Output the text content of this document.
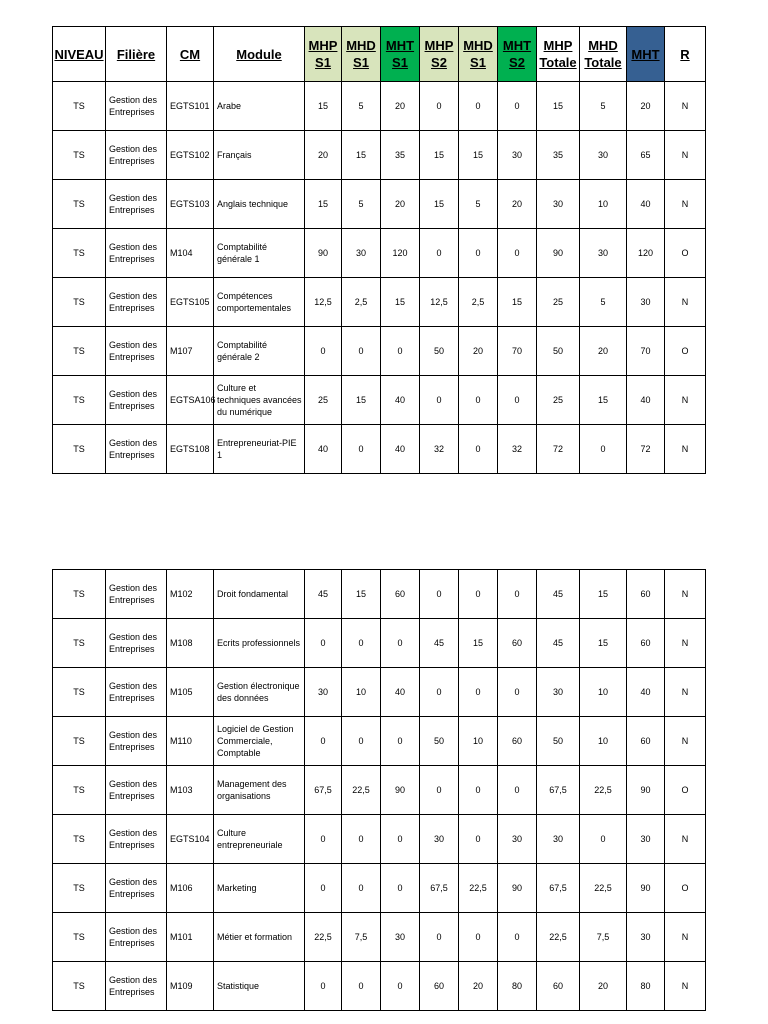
NIVEAU	Filière	CM	Module	MHP S1	MHD S1	MHT S1	MHP S2	MHD S1	MHT S2	MHP Totale	MHD Totale	MHT	R
TS	Gestion des Entreprises	EGTS101	Arabe	15	5	20	0	0	0	15	5	20	N
TS	Gestion des Entreprises	EGTS102	Français	20	15	35	15	15	30	35	30	65	N
TS	Gestion des Entreprises	EGTS103	Anglais technique	15	5	20	15	5	20	30	10	40	N
TS	Gestion des Entreprises	M104	Comptabilité générale 1	90	30	120	0	0	0	90	30	120	O
TS	Gestion des Entreprises	EGTS105	Compétences comportementales	12,5	2,5	15	12,5	2,5	15	25	5	30	N
TS	Gestion des Entreprises	M107	Comptabilité générale 2	0	0	0	50	20	70	50	20	70	O
TS	Gestion des Entreprises	EGTSA106	Culture et techniques avancées du numérique	25	15	40	0	0	0	25	15	40	N
TS	Gestion des Entreprises	EGTS108	Entrepreneuriat-PIE 1	40	0	40	32	0	32	72	0	72	N
TS	Gestion des Entreprises	M102	Droit fondamental	45	15	60	0	0	0	45	15	60	N
TS	Gestion des Entreprises	M108	Ecrits professionnels	0	0	0	45	15	60	45	15	60	N
TS	Gestion des Entreprises	M105	Gestion électronique des données	30	10	40	0	0	0	30	10	40	N
TS	Gestion des Entreprises	M110	Logiciel de Gestion Commerciale, Comptable	0	0	0	50	10	60	50	10	60	N
TS	Gestion des Entreprises	M103	Management des organisations	67,5	22,5	90	0	0	0	67,5	22,5	90	O
TS	Gestion des Entreprises	EGTS104	Culture entrepreneuriale	0	0	0	30	0	30	30	0	30	N
TS	Gestion des Entreprises	M106	Marketing	0	0	0	67,5	22,5	90	67,5	22,5	90	O
TS	Gestion des Entreprises	M101	Métier et formation	22,5	7,5	30	0	0	0	22,5	7,5	30	N
TS	Gestion des Entreprises	M109	Statistique	0	0	0	60	20	80	60	20	80	N
